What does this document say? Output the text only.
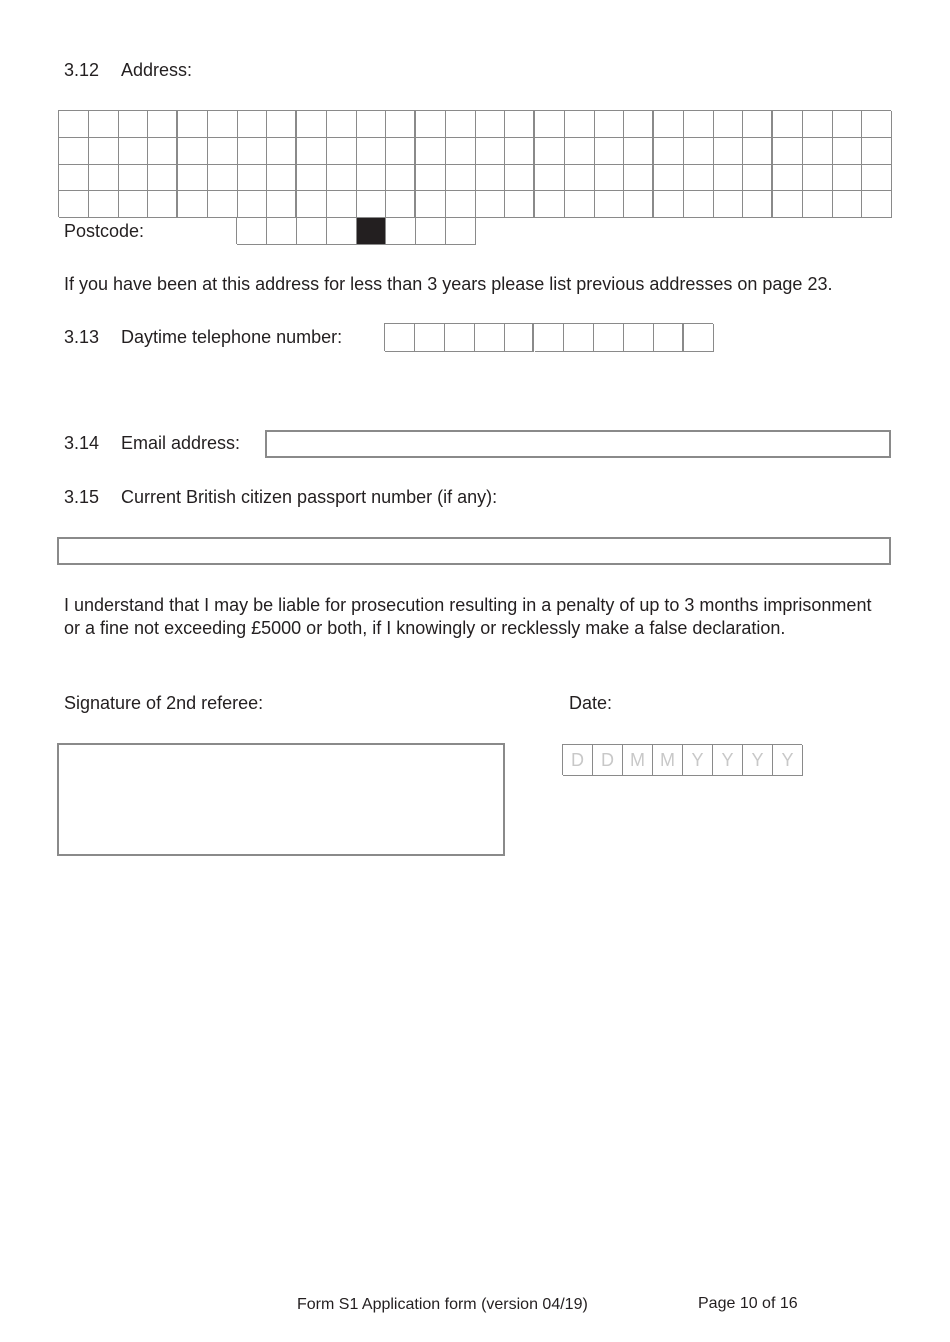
3.12 Address:
Postcode:
If you have been at this address for less than 3 years please list previous addresses on page 23.
3.13 Daytime telephone number:
3.14 Email address:
3.15 Current British citizen passport number (if any):
I understand that I may be liable for prosecution resulting in a penalty of up to 3 months imprisonment or a fine not exceeding £5000 or both, if I knowingly or recklessly make a false declaration.
Signature of 2nd referee:	Date:
D D M M Y Y Y Y
Form S1 Application form (version 04/19)	Page 10 of 16
